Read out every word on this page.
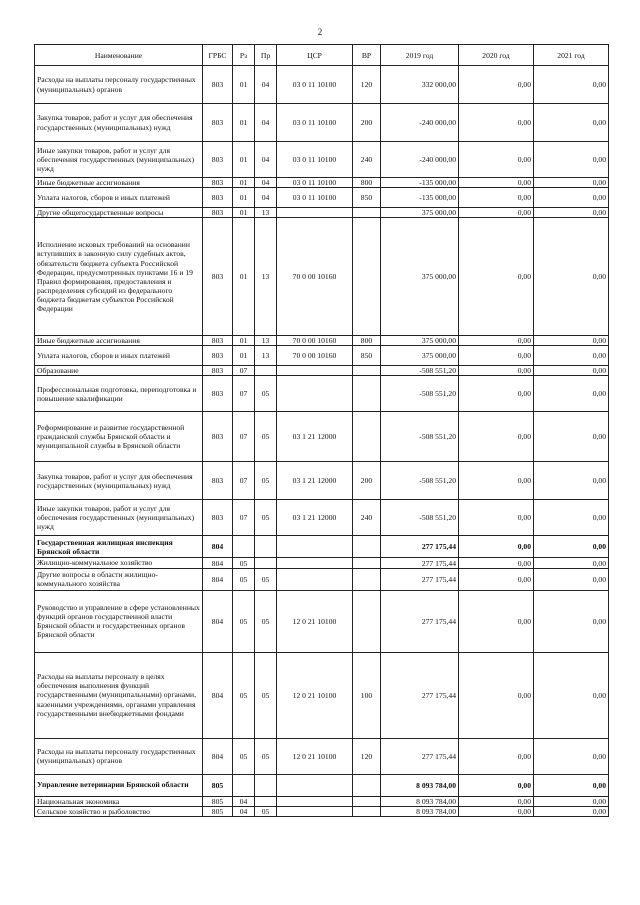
2
Наименование	ГРБС	Рз	Пр	ЦСР	ВР	2019 год	2020 год	2021 год
Расходы на выплаты персоналу государственных (муниципальных) органов	803	01	04	03 0 11 10100	120	332 000,00	0,00	0,00
Закупка товаров, работ и услуг для обеспечения государственных (муниципальных) нужд	803	01	04	03 0 11 10100	200	-240 000,00	0,00	0,00
Иные закупки товаров, работ и услуг для обеспечения государственных (муниципальных) нужд	803	01	04	03 0 11 10100	240	-240 000,00	0,00	0,00
Иные бюджетные ассигнования	803	01	04	03 0 11 10100	800	-135 000,00	0,00	0,00
Уплата налогов, сборов и иных платежей	803	01	04	03 0 11 10100	850	-135 000,00	0,00	0,00
Другие общегосударственные вопросы	803	01	13			375 000,00	0,00	0,00
Исполнение исковых требований на основании вступивших в законную силу судебных актов, обязательств бюджета субъекта Российской Федерации, предусмотренных пунктами 16 и 19 Правил формирования, предоставления и распределения субсидий из федерального бюджета бюджетам субъектов Российской Федерации	803	01	13	70 0 00 10160		375 000,00	0,00	0,00
Иные бюджетные ассигнования	803	01	13	70 0 00 10160	800	375 000,00	0,00	0,00
Уплата налогов, сборов и иных платежей	803	01	13	70 0 00 10160	850	375 000,00	0,00	0,00
Образование	803	07				-508 551,20	0,00	0,00
Профессиональная подготовка, переподготовка и повышение квалификации	803	07	05			-508 551,20	0,00	0,00
Реформирование и развитие государственной гражданской службы Брянской области и муниципальной службы в Брянской области	803	07	05	03 1 21 12000		-508 551,20	0,00	0,00
Закупка товаров, работ и услуг для обеспечения государственных (муниципальных) нужд	803	07	05	03 1 21 12000	200	-508 551,20	0,00	0,00
Иные закупки товаров, работ и услуг для обеспечения государственных (муниципальных) нужд	803	07	05	03 1 21 12000	240	-508 551,20	0,00	0,00
Государственная жилищная инспекция Брянской области	804					277 175,44	0,00	0,00
Жилищно-коммунальное хозяйство	804	05				277 175,44	0,00	0,00
Другие вопросы в области жилищно-коммунального хозяйства	804	05	05			277 175,44	0,00	0,00
Руководство и управление в сфере установленных функций органов государственной власти Брянской области и государственных органов Брянской области	804	05	05	12 0 21 10100		277 175,44	0,00	0,00
Расходы на выплаты персоналу в целях обеспечения выполнения функций государственными (муниципальными) органами, казенными учреждениями, органами управления государственными внебюджетными фондами	804	05	05	12 0 21 10100	100	277 175,44	0,00	0,00
Расходы на выплаты персоналу государственных (муниципальных) органов	804	05	05	12 0 21 10100	120	277 175,44	0,00	0,00
Управление ветеринарии Брянской области	805					8 093 784,00	0,00	0,00
Национальная экономика	805	04				8 093 784,00	0,00	0,00
Сельское хозяйство и рыболовство	805	04	05			8 093 784,00	0,00	0,00
